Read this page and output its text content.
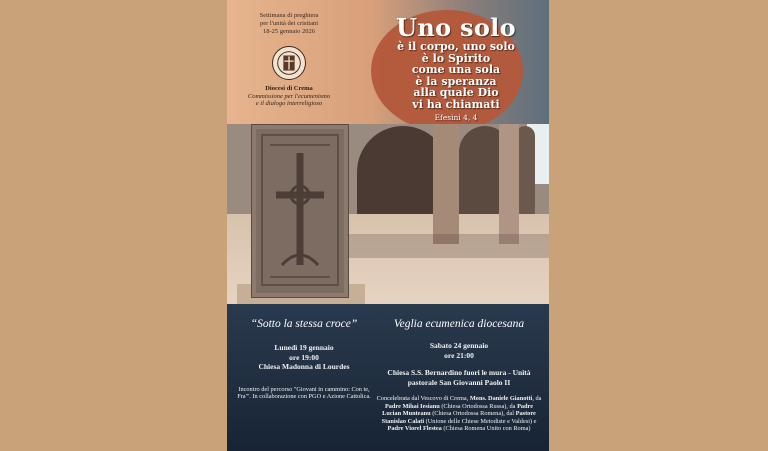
Settimana di preghiera
per l'unità dei cristiani
18-25 gennaio 2026
Diocesi di Crema
Commissione per l'ecumenismo
e il dialogo interreligioso
Uno solo
è il corpo, uno solo
è lo Spirito
come una sola
è la speranza
alla quale Dio
vi ha chiamati
Efesini 4, 4
“Sotto la stessa croce”
Lunedì 19 gennaio
ore 19:00
Chiesa Madonna di Lourdes
Incontro del percorso "Giovani in cammino: Con te, Fra'". In collaborazione con PGO e Azione Cattolica.
Veglia ecumenica diocesana
Sabato 24 gennaio
ore 21:00
Chiesa S.S. Bernardino fuori le mura - Unità pastorale San Giovanni Paolo II
Concelebrata dal Vescovo di Crema, Mons. Daniele Gianotti, da Padre Mihai Iesianu (Chiesa Ortodossa Russa), da Padre Lucian Munteanu (Chiesa Ortodossa Romena), dal Pastore Stanislao Calati (Unione delle Chiese Metodiste e Valdesi) e Padre Viorel Flestea (Chiesa Romena Unito con Roma)
